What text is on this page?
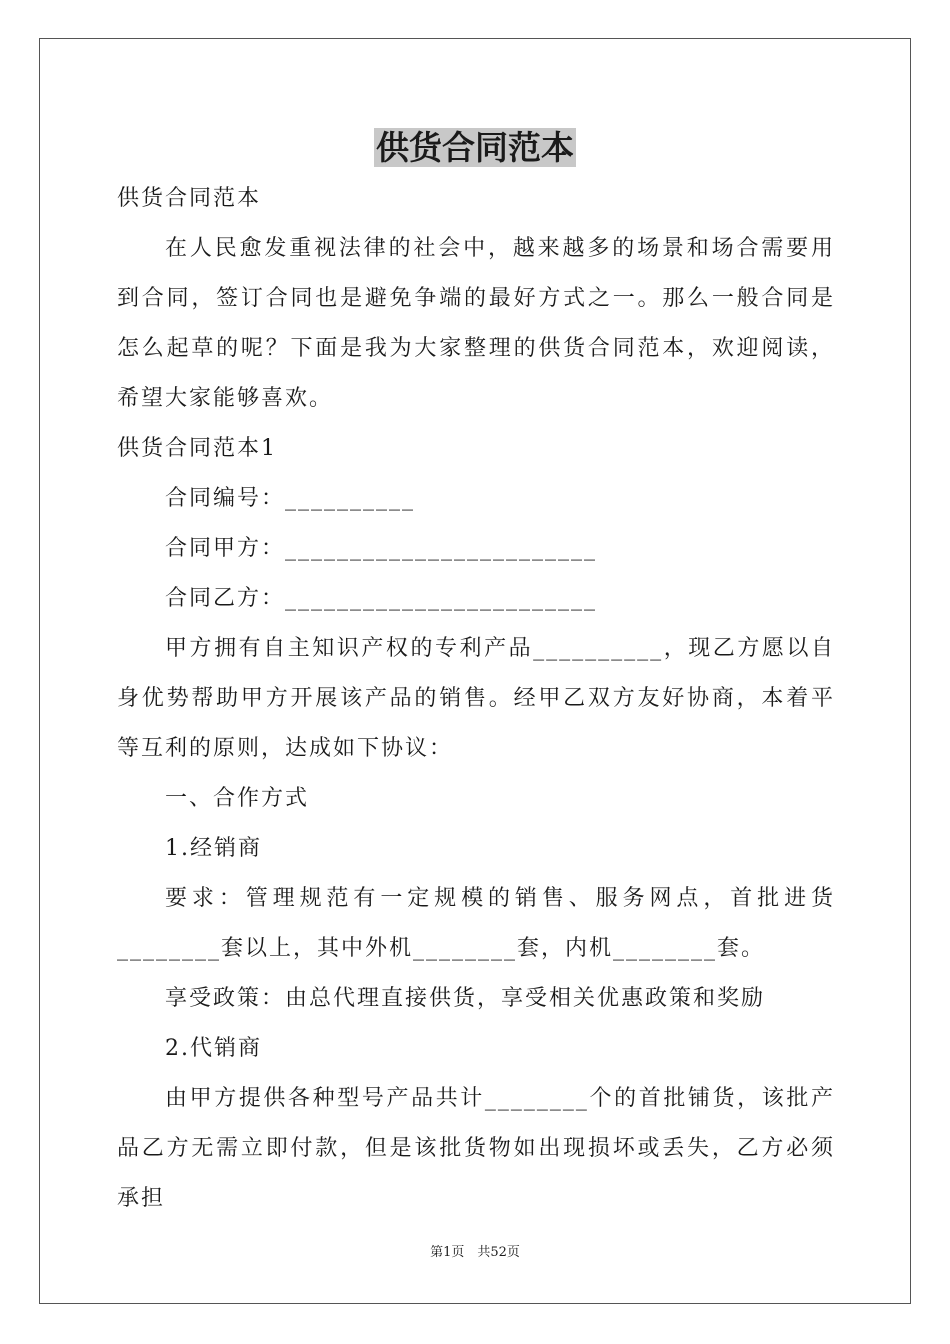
供货合同范本

供货合同范本

在人民愈发重视法律的社会中，越来越多的场景和场合需要用到合同，签订合同也是避免争端的最好方式之一。那么一般合同是怎么起草的呢？下面是我为大家整理的供货合同范本，欢迎阅读，希望大家能够喜欢。

供货合同范本1

合同编号：__________

合同甲方：________________________

合同乙方：________________________

甲方拥有自主知识产权的专利产品__________，现乙方愿以自身优势帮助甲方开展该产品的销售。经甲乙双方友好协商，本着平等互利的原则，达成如下协议：

一、合作方式

1.经销商

要求：管理规范有一定规模的销售、服务网点，首批进货________套以上，其中外机________套，内机________套。

享受政策：由总代理直接供货，享受相关优惠政策和奖励

2.代销商

由甲方提供各种型号产品共计________个的首批铺货，该批产品乙方无需立即付款，但是该批货物如出现损坏或丢失，乙方必须承担

第1页　共52页
